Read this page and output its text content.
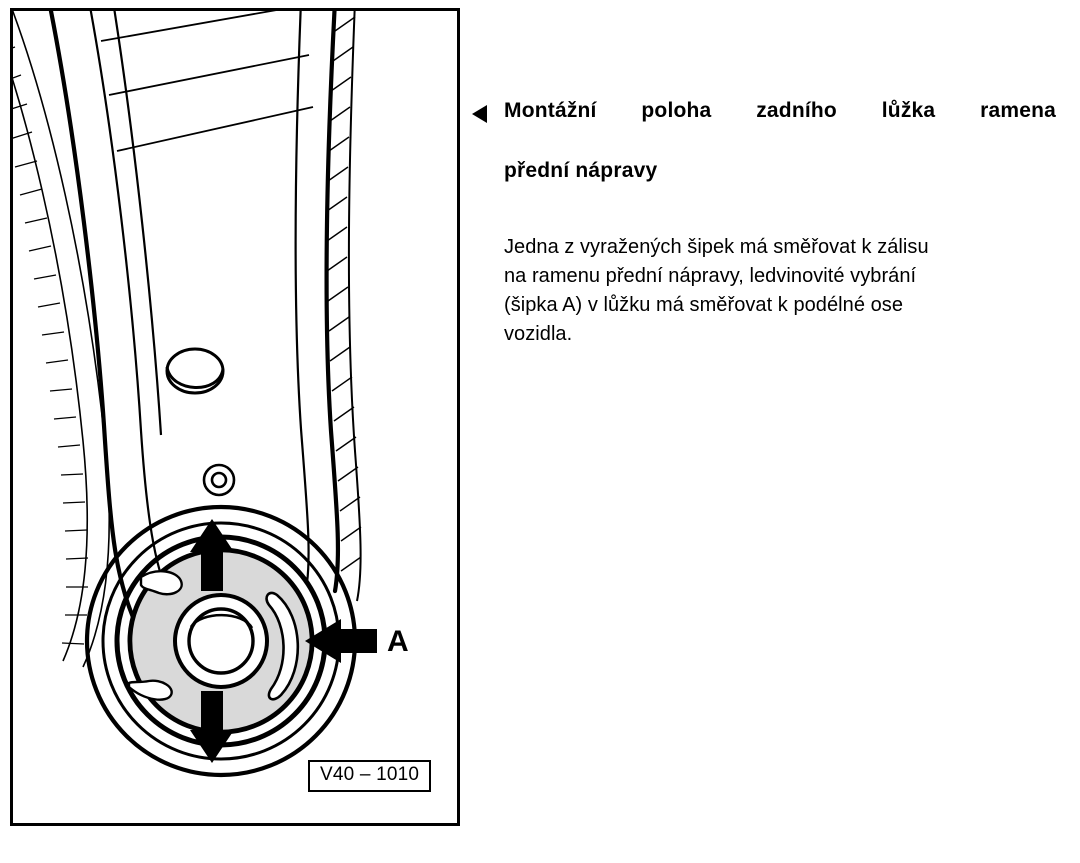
A
V40 – 1010
Montážní poloha zadního lůžka ramena
přední nápravy

Jedna z vyražených šipek má směřovat k zálisu
na ramenu přední nápravy, ledvinovité vybrání
(šipka A) v lůžku má směřovat k podélné ose
vozidla.
